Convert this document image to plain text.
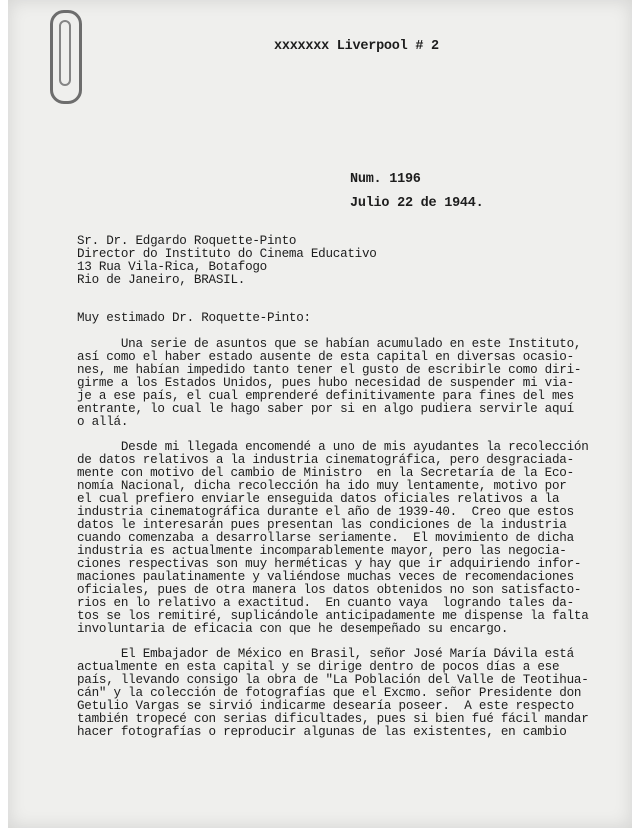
xxxxxxx Liverpool # 2
Num. 1196
Julio 22 de 1944.
Sr. Dr. Edgardo Roquette-Pinto
Director do Instituto do Cinema Educativo
13 Rua Vila-Rica, Botafogo
Rio de Janeiro, BRASIL.
Muy estimado Dr. Roquette-Pinto:
Una serie de asuntos que se habían acumulado en este Instituto,
así como el haber estado ausente de esta capital en diversas ocasio-
nes, me habían impedido tanto tener el gusto de escribirle como diri-
girme a los Estados Unidos, pues hubo necesidad de suspender mi via-
je a ese país, el cual emprenderé definitivamente para fines del mes
entrante, lo cual le hago saber por si en algo pudiera servirle aquí
o allá.
Desde mi llegada encomendé a uno de mis ayudantes la recolección
de datos relativos a la industria cinematográfica, pero desgraciada-
mente con motivo del cambio de Ministro  en la Secretaría de la Eco-
nomía Nacional, dicha recolección ha ido muy lentamente, motivo por
el cual prefiero enviarle enseguida datos oficiales relativos a la
industria cinematográfica durante el año de 1939-40.  Creo que estos
datos le interesarán pues presentan las condiciones de la industria
cuando comenzaba a desarrollarse seriamente.  El movimiento de dicha
industria es actualmente incomparablemente mayor, pero las negocia-
ciones respectivas son muy herméticas y hay que ir adquiriendo infor-
maciones paulatinamente y valiéndose muchas veces de recomendaciones
oficiales, pues de otra manera los datos obtenidos no son satisfacto-
rios en lo relativo a exactitud.  En cuanto vaya  logrando tales da-
tos se los remitiré, suplicándole anticipadamente me dispense la falta
involuntaria de eficacia con que he desempeñado su encargo.
El Embajador de México en Brasil, señor José María Dávila está
actualmente en esta capital y se dirige dentro de pocos días a ese
país, llevando consigo la obra de "La Población del Valle de Teotihua-
cán" y la colección de fotografías que el Excmo. señor Presidente don
Getulio Vargas se sirvió indicarme desearía poseer.  A este respecto
también tropecé con serias dificultades, pues si bien fué fácil mandar
hacer fotografías o reproducir algunas de las existentes, en cambio
